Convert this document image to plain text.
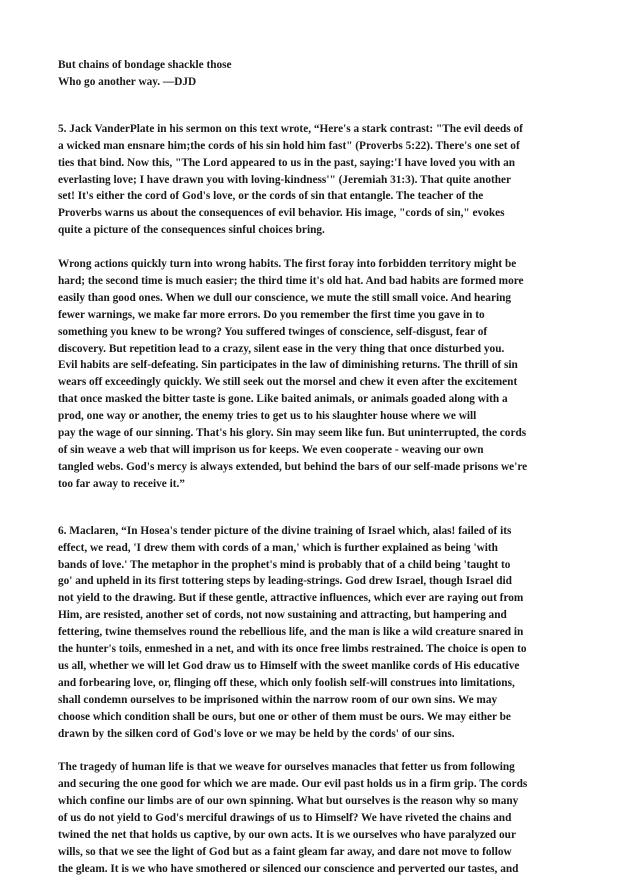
But chains of bondage shackle those
Who go another way. —DJD
5. Jack VanderPlate in his sermon on this text wrote, “Here's a stark contrast: "The evil deeds of
a wicked man ensnare him;the cords of his sin hold him fast" (Proverbs 5:22). There's one set of
ties that bind. Now this, "The Lord appeared to us in the past, saying:'I have loved you with an
everlasting love; I have drawn you with loving-kindness'" (Jeremiah 31:3). That quite another
set! It's either the cord of God's love, or the cords of sin that entangle. The teacher of the
Proverbs warns us about the consequences of evil behavior. His image, "cords of sin," evokes
quite a picture of the consequences sinful choices bring.
Wrong actions quickly turn into wrong habits. The first foray into forbidden territory might be
hard; the second time is much easier; the third time it's old hat. And bad habits are formed more
easily than good ones. When we dull our conscience, we mute the still small voice. And hearing
fewer warnings, we make far more errors. Do you remember the first time you gave in to
something you knew to be wrong? You suffered twinges of conscience, self-disgust, fear of
discovery. But repetition lead to a crazy, silent ease in the very thing that once disturbed you.
Evil habits are self-defeating. Sin participates in the law of diminishing returns. The thrill of sin
wears off exceedingly quickly. We still seek out the morsel and chew it even after the excitement
that once masked the bitter taste is gone. Like baited animals, or animals goaded along with a
prod, one way or another, the enemy tries to get us to his slaughter house where we will
pay the wage of our sinning. That's his glory. Sin may seem like fun. But uninterrupted, the cords
of sin weave a web that will imprison us for keeps. We even cooperate - weaving our own
tangled webs. God's mercy is always extended, but behind the bars of our self-made prisons we're
too far away to receive it.”
6. Maclaren, “In Hosea's tender picture of the divine training of Israel which, alas! failed of its
effect, we read, 'I drew them with cords of a man,' which is further explained as being 'with
bands of love.' The metaphor in the prophet's mind is probably that of a child being 'taught to
go' and upheld in its first tottering steps by leading-strings. God drew Israel, though Israel did
not yield to the drawing. But if these gentle, attractive influences, which ever are raying out from
Him, are resisted, another set of cords, not now sustaining and attracting, but hampering and
fettering, twine themselves round the rebellious life, and the man is like a wild creature snared in
the hunter's toils, enmeshed in a net, and with its once free limbs restrained. The choice is open to
us all, whether we will let God draw us to Himself with the sweet manlike cords of His educative
and forbearing love, or, flinging off these, which only foolish self-will construes into limitations,
shall condemn ourselves to be imprisoned within the narrow room of our own sins. We may
choose which condition shall be ours, but one or other of them must be ours. We may either be
drawn by the silken cord of God's love or we may be held by the cords' of our sins.
The tragedy of human life is that we weave for ourselves manacles that fetter us from following
and securing the one good for which we are made. Our evil past holds us in a firm grip. The cords
which confine our limbs are of our own spinning. What but ourselves is the reason why so many
of us do not yield to God's merciful drawings of us to Himself? We have riveted the chains and
twined the net that holds us captive, by our own acts. It is we ourselves who have paralyzed our
wills, so that we see the light of God but as a faint gleam far away, and dare not move to follow
the gleam. It is we who have smothered or silenced our conscience and perverted our tastes, and
